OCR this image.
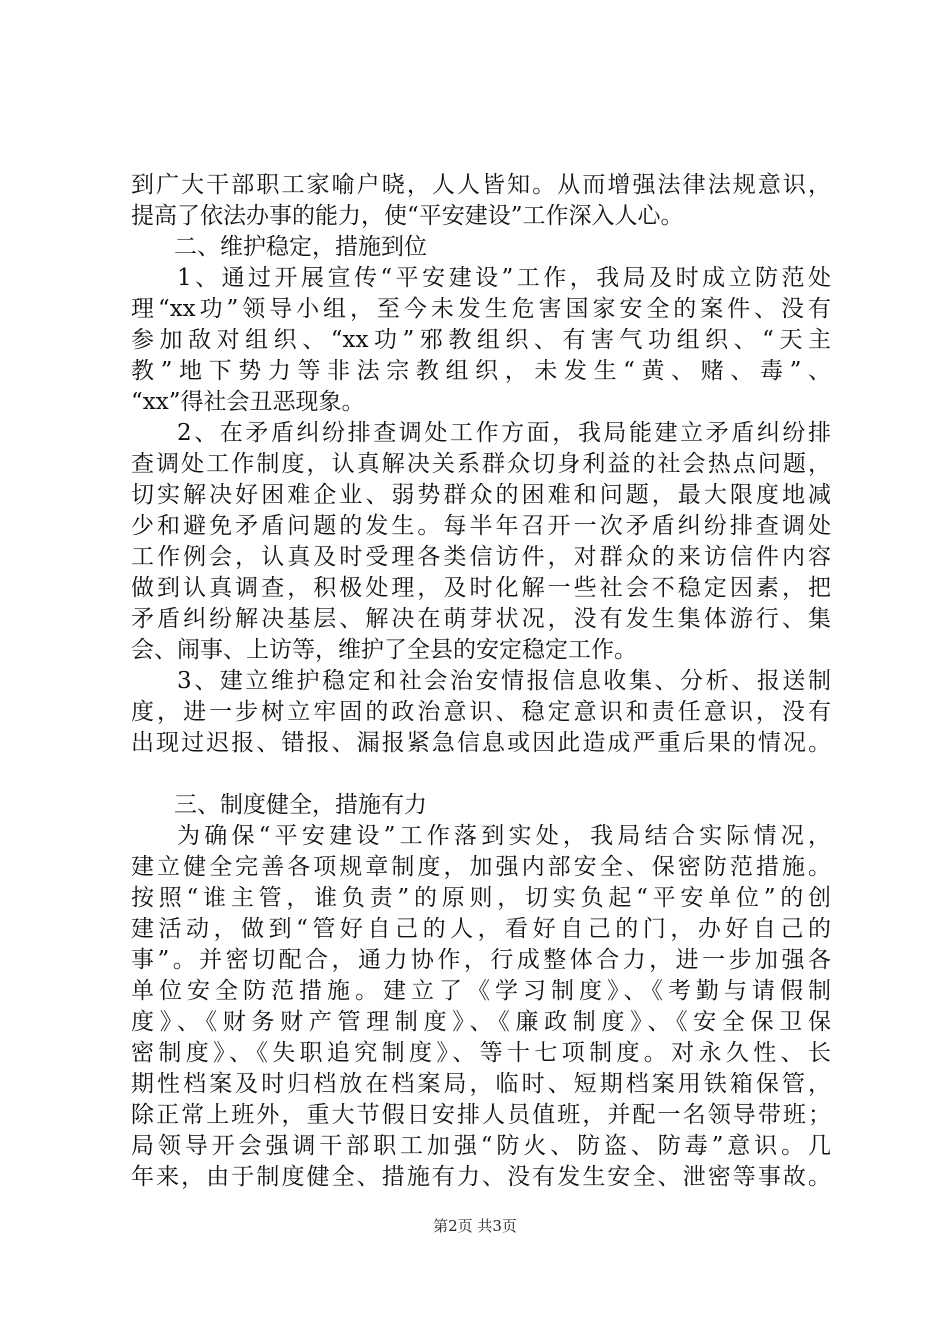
到广大干部职工家喻户晓，人人皆知。从而增强法律法规意识，
提高了依法办事的能力，使“平安建设”工作深入人心。
二、维护稳定，措施到位
1、通过开展宣传“平安建设”工作，我局及时成立防范处
理“xx功”领导小组，至今未发生危害国家安全的案件、没有
参加敌对组织、“xx功”邪教组织、有害气功组织、“天主
教”地下势力等非法宗教组织，未发生“黄、赌、毒”、
“xx”得社会丑恶现象。
2、在矛盾纠纷排查调处工作方面，我局能建立矛盾纠纷排
查调处工作制度，认真解决关系群众切身利益的社会热点问题，
切实解决好困难企业、弱势群众的困难和问题，最大限度地减
少和避免矛盾问题的发生。每半年召开一次矛盾纠纷排查调处
工作例会，认真及时受理各类信访件，对群众的来访信件内容
做到认真调查，积极处理，及时化解一些社会不稳定因素，把
矛盾纠纷解决基层、解决在萌芽状况，没有发生集体游行、集
会、闹事、上访等，维护了全县的安定稳定工作。
3、建立维护稳定和社会治安情报信息收集、分析、报送制
度，进一步树立牢固的政治意识、稳定意识和责任意识，没有
出现过迟报、错报、漏报紧急信息或因此造成严重后果的情况。
三、制度健全，措施有力
为确保“平安建设”工作落到实处，我局结合实际情况，
建立健全完善各项规章制度，加强内部安全、保密防范措施。
按照“谁主管，谁负责”的原则，切实负起“平安单位”的创
建活动，做到“管好自己的人，看好自己的门，办好自己的
事”。并密切配合，通力协作，行成整体合力，进一步加强各
单位安全防范措施。建立了《学习制度》、《考勤与请假制
度》、《财务财产管理制度》、《廉政制度》、《安全保卫保
密制度》、《失职追究制度》、等十七项制度。对永久性、长
期性档案及时归档放在档案局，临时、短期档案用铁箱保管，
除正常上班外，重大节假日安排人员值班，并配一名领导带班；
局领导开会强调干部职工加强“防火、防盗、防毒”意识。几
年来，由于制度健全、措施有力、没有发生安全、泄密等事故。
第2页 共3页
